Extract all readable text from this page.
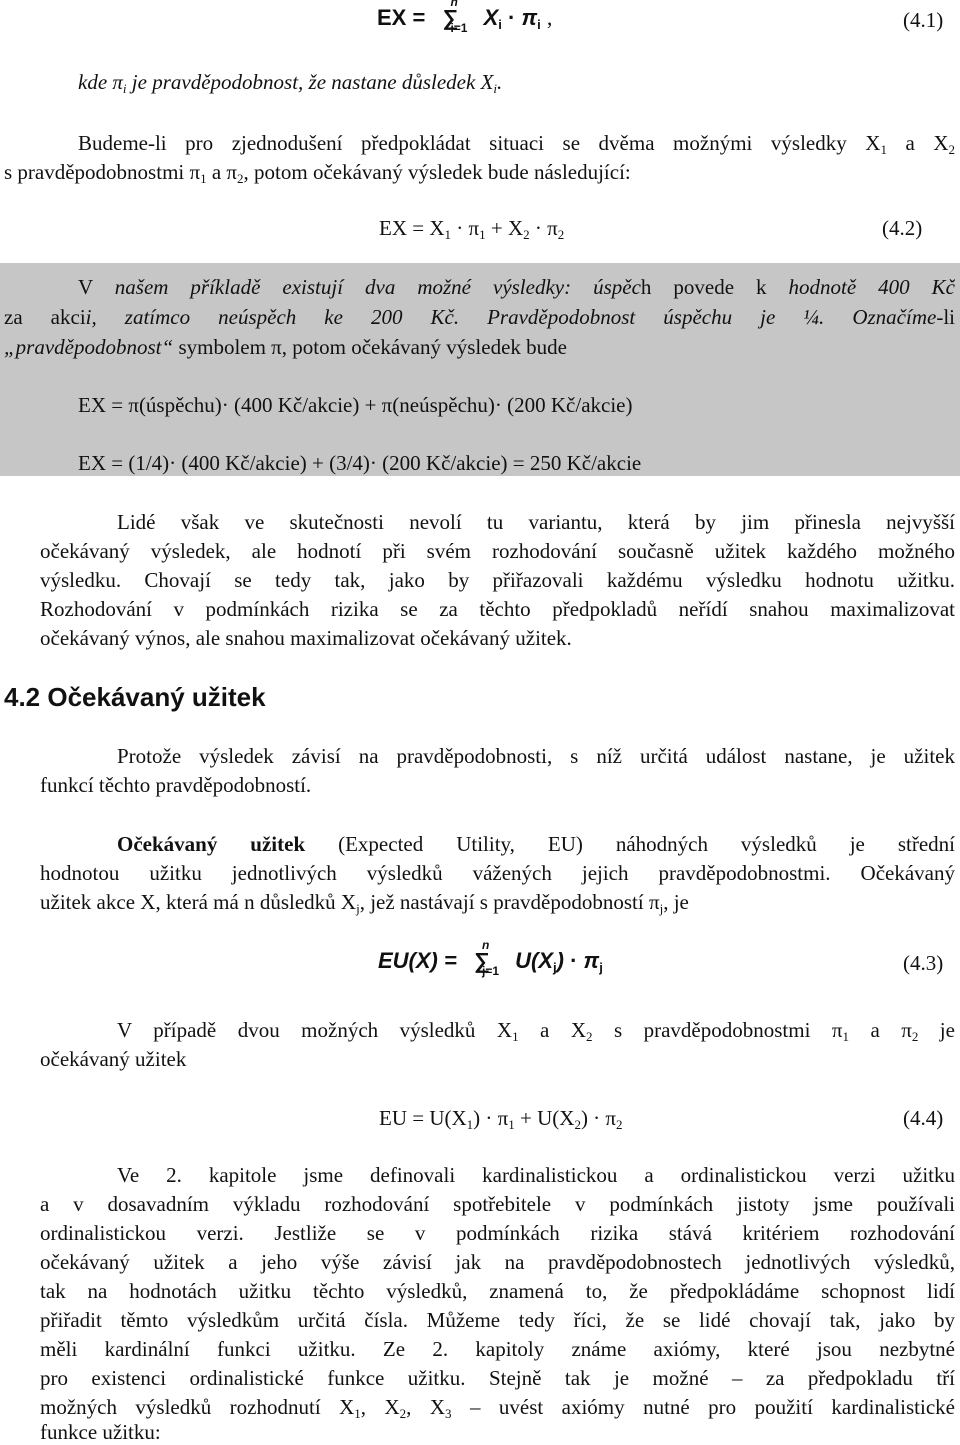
EX = ∑
n
i=1 $X_i \cdot \pi_i$ ,	(4.1)
kde πi je pravděpodobnost, že nastane důsledek Xi.
Budeme-li pro zjednodušení předpokládat situaci se dvěma možnými výsledky X1 a X2
s pravděpodobnostmi π1 a π2, potom očekávaný výsledek bude následující:
EX = X1 · π1 + X2 · π2	(4.2)
V našem příkladě existují dva možné výsledky: úspěch povede k hodnotě 400 Kč
za akcii, zatímco neúspěch ke 200 Kč. Pravděpodobnost úspěchu je ¼. Označíme-li
„pravděpodobnost“ symbolem π, potom očekávaný výsledek bude
EX = π(úspěchu)· (400 Kč/akcie) + π(neúspěchu)· (200 Kč/akcie)
EX = (1/4)· (400 Kč/akcie) + (3/4)· (200 Kč/akcie) = 250 Kč/akcie
Lidé však ve skutečnosti nevolí tu variantu, která by jim přinesla nejvyšší
očekávaný výsledek, ale hodnotí při svém rozhodování současně užitek každého možného
výsledku. Chovají se tedy tak, jako by přiřazovali každému výsledku hodnotu užitku.
Rozhodování v podmínkách rizika se za těchto předpokladů neřídí snahou maximalizovat
očekávaný výnos, ale snahou maximalizovat očekávaný užitek.
4.2 Očekávaný užitek
Protože výsledek závisí na pravděpodobnosti, s níž určitá událost nastane, je užitek
funkcí těchto pravděpodobností.
Očekávaný užitek (Expected Utility, EU) náhodných výsledků je střední
hodnotou užitku jednotlivých výsledků vážených jejich pravděpodobnostmi. Očekávaný
užitek akce X, která má n důsledků Xj, jež nastávají s pravděpodobností πj, je
EU(X) = ∑
n
j=1 $U(X_j) \cdot \pi_j$	(4.3)
V případě dvou možných výsledků X1 a X2 s pravděpodobnostmi π1 a π2 je
očekávaný užitek
EU = U(X1) · π1 + U(X2) · π2	(4.4)
Ve 2. kapitole jsme definovali kardinalistickou a ordinalistickou verzi užitku
a v dosavadním výkladu rozhodování spotřebitele v podmínkách jistoty jsme používali
ordinalistickou verzi. Jestliže se v podmínkách rizika stává kritériem rozhodování
očekávaný užitek a jeho výše závisí jak na pravděpodobnostech jednotlivých výsledků,
tak na hodnotách užitku těchto výsledků, znamená to, že předpokládáme schopnost lidí
přiřadit těmto výsledkům určitá čísla. Můžeme tedy říci, že se lidé chovají tak, jako by
měli kardinální funkci užitku. Ze 2. kapitoly známe axiómy, které jsou nezbytné
pro existenci ordinalistické funkce užitku. Stejně tak je možné – za předpokladu tří
možných výsledků rozhodnutí X1, X2, X3 – uvést axiómy nutné pro použití kardinalistické
funkce užitku:
